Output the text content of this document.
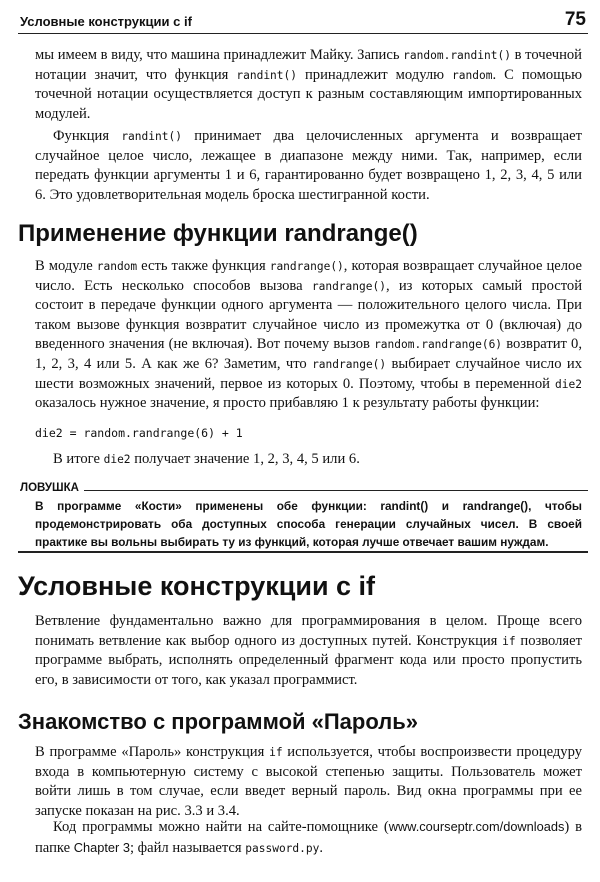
Условные конструкции с if	75

мы имеем в виду, что машина принадлежит Майку. Запись random.randint() в точечной нотации значит, что функция randint() принадлежит модулю random. С помощью точечной нотации осуществляется доступ к разным составляющим импортированных модулей.

Функция randint() принимает два целочисленных аргумента и возвращает случайное целое число, лежащее в диапазоне между ними. Так, например, если передать функции аргументы 1 и 6, гарантированно будет возвращено 1, 2, 3, 4, 5 или 6. Это удовлетворительная модель броска шестигранной кости.

Применение функции randrange()

В модуле random есть также функция randrange(), которая возвращает случайное целое число. Есть несколько способов вызова randrange(), из которых самый простой состоит в передаче функции одного аргумента — положительного целого числа. При таком вызове функция возвратит случайное число из промежутка от 0 (включая) до введенного значения (не включая). Вот почему вызов random.randrange(6) возвратит 0, 1, 2, 3, 4 или 5. А как же 6? Заметим, что randrange() выбирает случайное число их шести возможных значений, первое из которых 0. Поэтому, чтобы в переменной die2 оказалось нужное значение, я просто прибавляю 1 к результату работы функции:

die2 = random.randrange(6) + 1

В итоге die2 получает значение 1, 2, 3, 4, 5 или 6.

ЛОВУШКА

В программе «Кости» применены обе функции: randint() и randrange(), чтобы продемонстрировать оба доступных способа генерации случайных чисел. В своей практике вы вольны выбирать ту из функций, которая лучше отвечает вашим нуждам.

Условные конструкции с if

Ветвление фундаментально важно для программирования в целом. Проще всего понимать ветвление как выбор одного из доступных путей. Конструкция if позволяет программе выбрать, исполнять определенный фрагмент кода или просто пропустить его, в зависимости от того, как указал программист.

Знакомство с программой «Пароль»

В программе «Пароль» конструкция if используется, чтобы воспроизвести процедуру входа в компьютерную систему с высокой степенью защиты. Пользователь может войти лишь в том случае, если введет верный пароль. Вид окна программы при ее запуске показан на рис. 3.3 и 3.4.

Код программы можно найти на сайте-помощнике (www.courseptr.com/downloads) в папке Chapter 3; файл называется password.py.
